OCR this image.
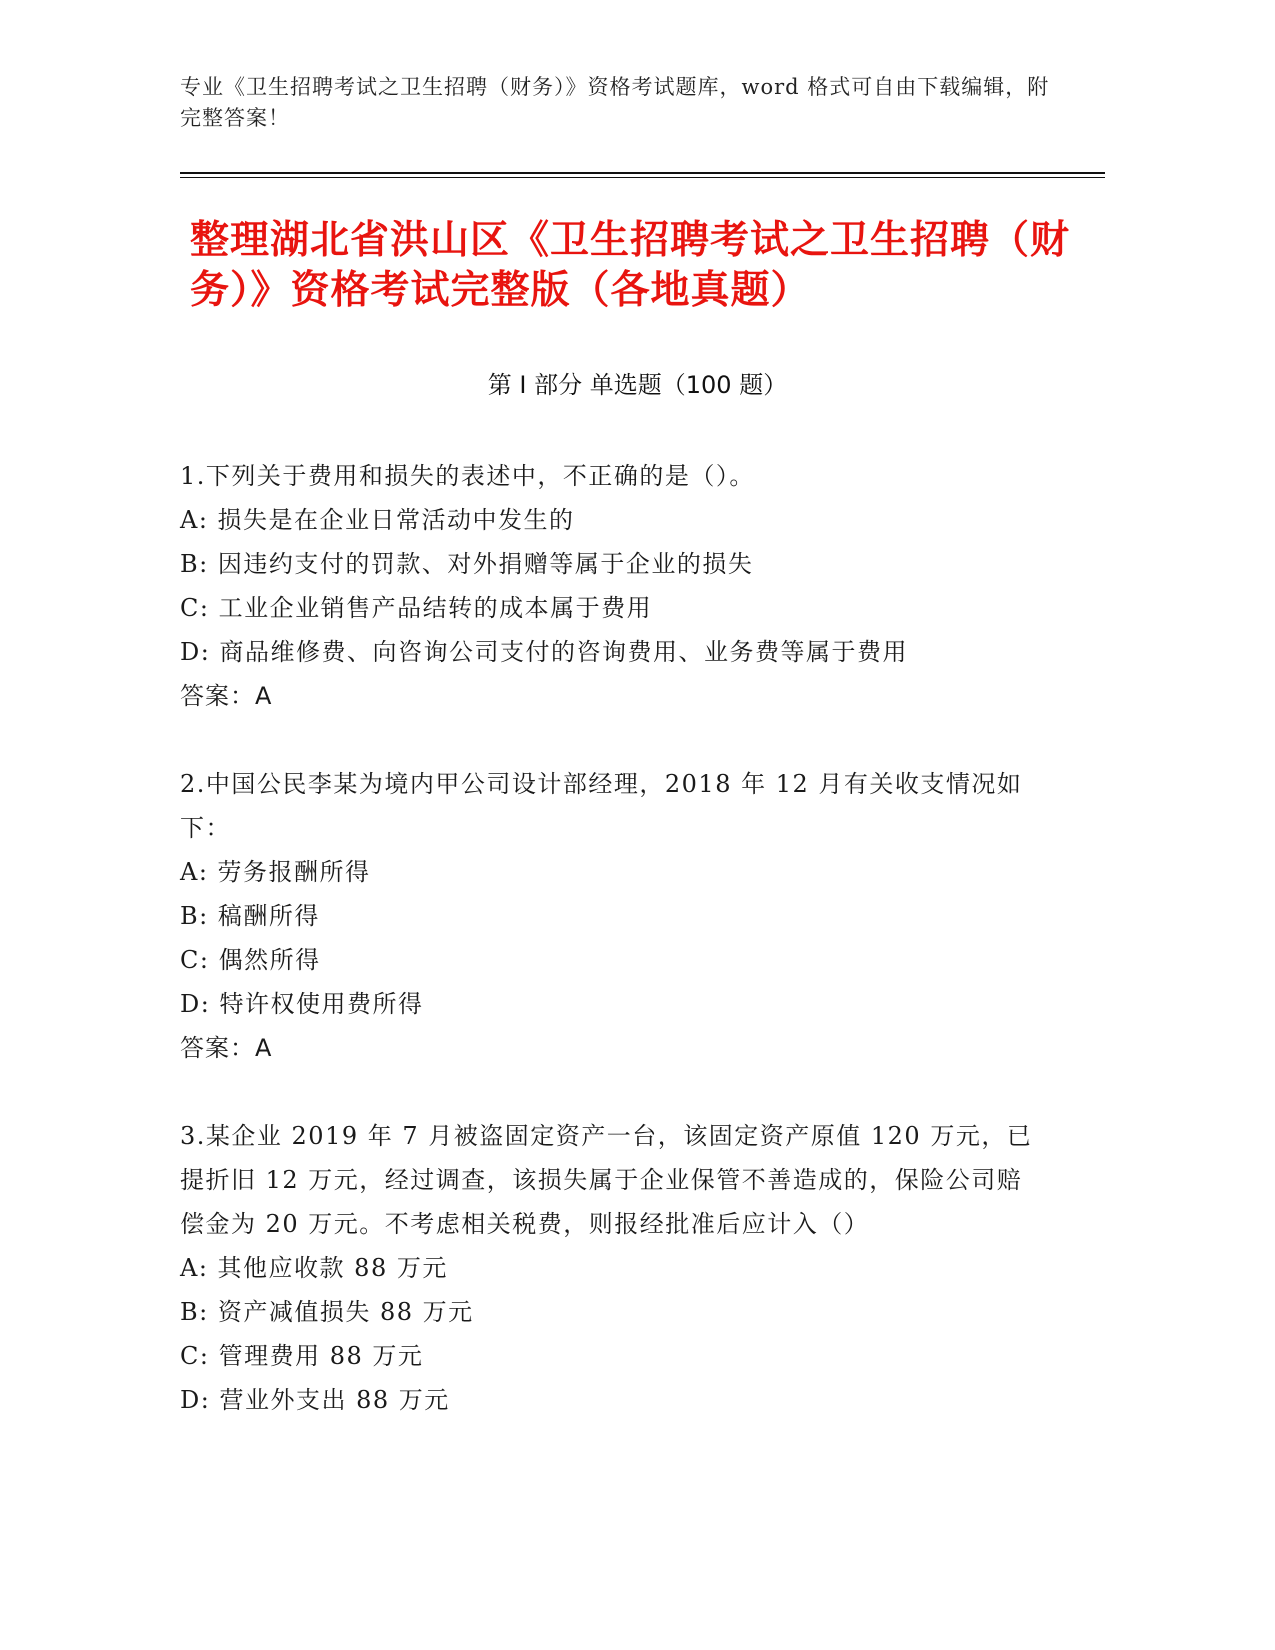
专业《卫生招聘考试之卫生招聘（财务）》资格考试题库，word 格式可自由下载编辑，附完整答案！
整理湖北省洪山区《卫生招聘考试之卫生招聘（财务）》资格考试完整版（各地真题）
第 I 部分 单选题（100 题）
1.下列关于费用和损失的表述中，不正确的是（）。
A: 损失是在企业日常活动中发生的
B: 因违约支付的罚款、对外捐赠等属于企业的损失
C: 工业企业销售产品结转的成本属于费用
D: 商品维修费、向咨询公司支付的咨询费用、业务费等属于费用
答案：A
2.中国公民李某为境内甲公司设计部经理，2018 年 12 月有关收支情况如下：
A: 劳务报酬所得
B: 稿酬所得
C: 偶然所得
D: 特许权使用费所得
答案：A
3.某企业 2019 年 7 月被盗固定资产一台，该固定资产原值 120 万元，已提折旧 12 万元，经过调查，该损失属于企业保管不善造成的，保险公司赔偿金为 20 万元。不考虑相关税费，则报经批准后应计入（）
A: 其他应收款 88 万元
B: 资产减值损失 88 万元
C: 管理费用 88 万元
D: 营业外支出 88 万元
